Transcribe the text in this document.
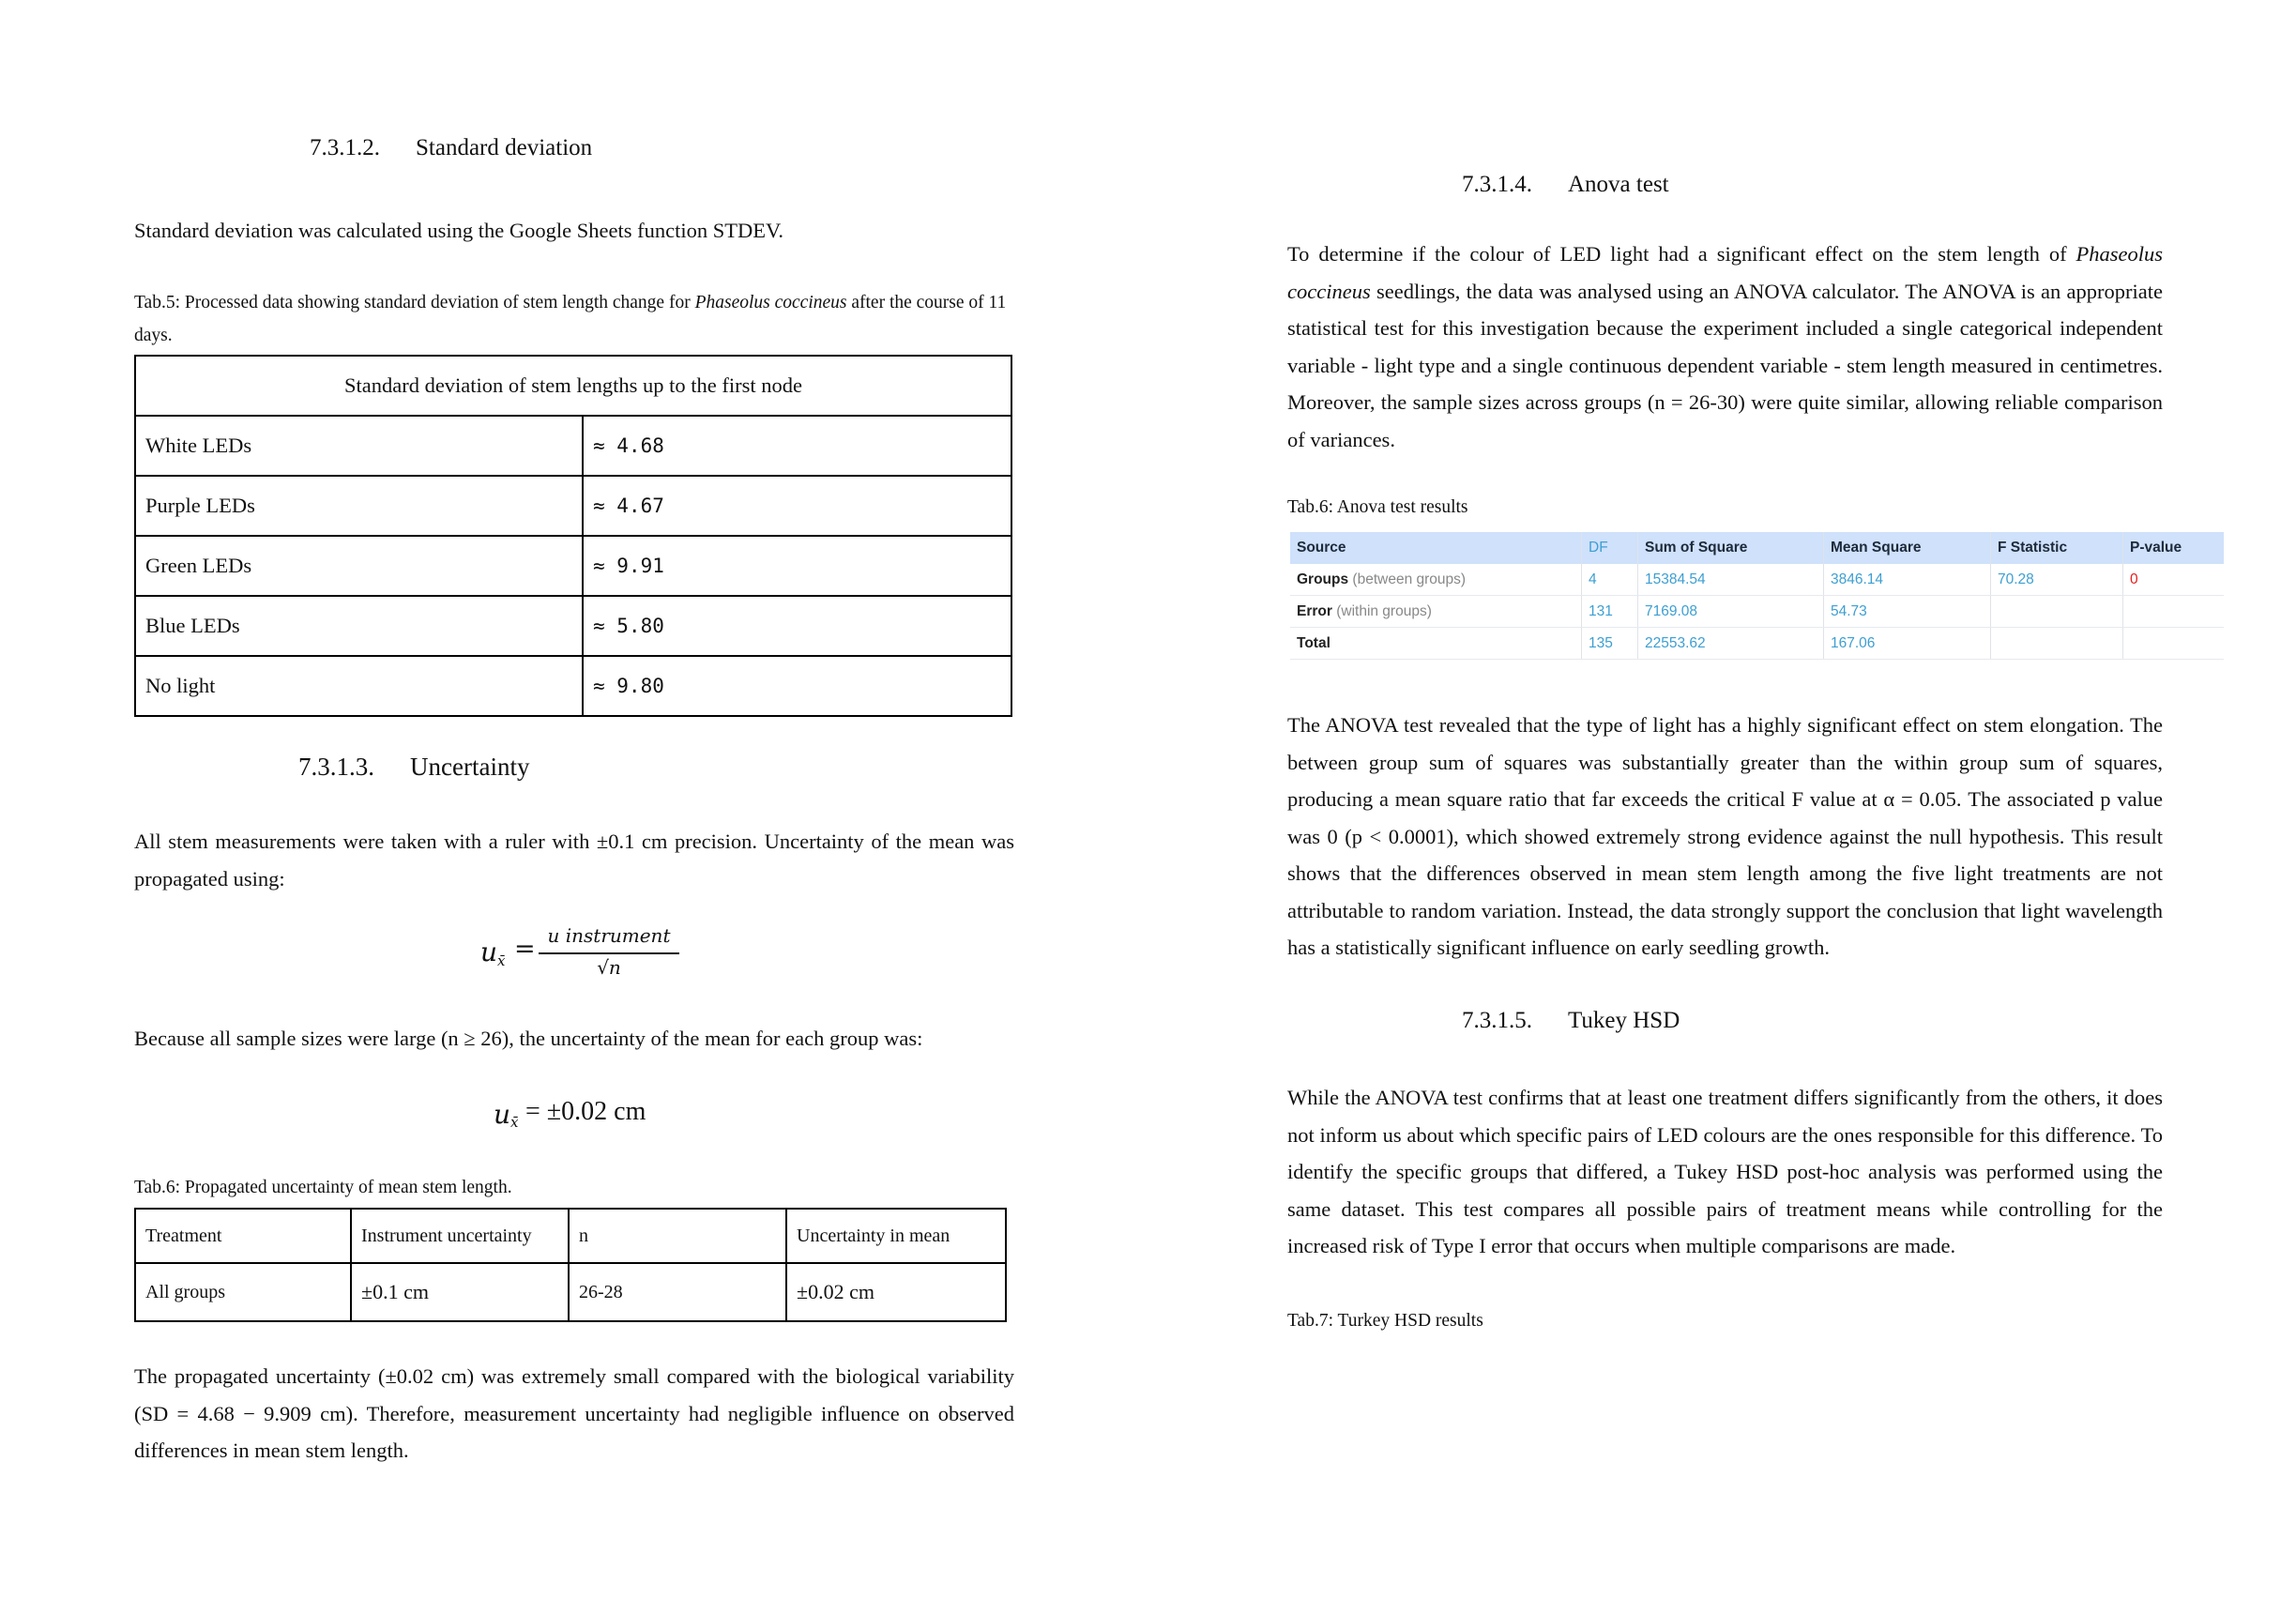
7.3.1.2. Standard deviation
Standard deviation was calculated using the Google Sheets function STDEV.
Tab.5: Processed data showing standard deviation of stem length change for Phaseolus coccineus after the course of 11 days.
Standard deviation of stem lengths up to the first node	
White LEDs	≈ 4.68
Purple LEDs	≈ 4.67
Green LEDs	≈ 9.91
Blue LEDs	≈ 5.80
No light	≈ 9.80
7.3.1.3. Uncertainty
All stem measurements were taken with a ruler with ±0.1 cm precision. Uncertainty of the mean was propagated using:
u x̄ = u instrument
√n
Because all sample sizes were large (n ≥ 26), the uncertainty of the mean for each group was:
u x̄ = ±0.02 cm
Tab.6: Propagated uncertainty of mean stem length.
Treatment	Instrument uncertainty	n	Uncertainty in mean
All groups	±0.1 cm	26-28	±0.02 cm
The propagated uncertainty (±0.02 cm) was extremely small compared with the biological variability (SD = 4.68 − 9.909 cm). Therefore, measurement uncertainty had negligible influence on observed differences in mean stem length.
7.3.1.4. Anova test
To determine if the colour of LED light had a significant effect on the stem length of Phaseolus coccineus seedlings, the data was analysed using an ANOVA calculator. The ANOVA is an appropriate statistical test for this investigation because the experiment included a single categorical independent variable - light type and a single continuous dependent variable - stem length measured in centimetres. Moreover, the sample sizes across groups (n = 26-30) were quite similar, allowing reliable comparison of variances.
Tab.6: Anova test results
Source	DF	Sum of Square	Mean Square	F Statistic	P-value
Groups (between groups)	4	15384.54	3846.14	70.28	0
Error (within groups)	131	7169.08	54.73		
Total	135	22553.62	167.06		
The ANOVA test revealed that the type of light has a highly significant effect on stem elongation. The between group sum of squares was substantially greater than the within group sum of squares, producing a mean square ratio that far exceeds the critical F value at α = 0.05. The associated p value was 0 (p < 0.0001), which showed extremely strong evidence against the null hypothesis. This result shows that the differences observed in mean stem length among the five light treatments are not attributable to random variation. Instead, the data strongly support the conclusion that light wavelength has a statistically significant influence on early seedling growth.
7.3.1.5. Tukey HSD
While the ANOVA test confirms that at least one treatment differs significantly from the others, it does not inform us about which specific pairs of LED colours are the ones responsible for this difference. To identify the specific groups that differed, a Tukey HSD post-hoc analysis was performed using the same dataset. This test compares all possible pairs of treatment means while controlling for the increased risk of Type I error that occurs when multiple comparisons are made.
Tab.7: Turkey HSD results
